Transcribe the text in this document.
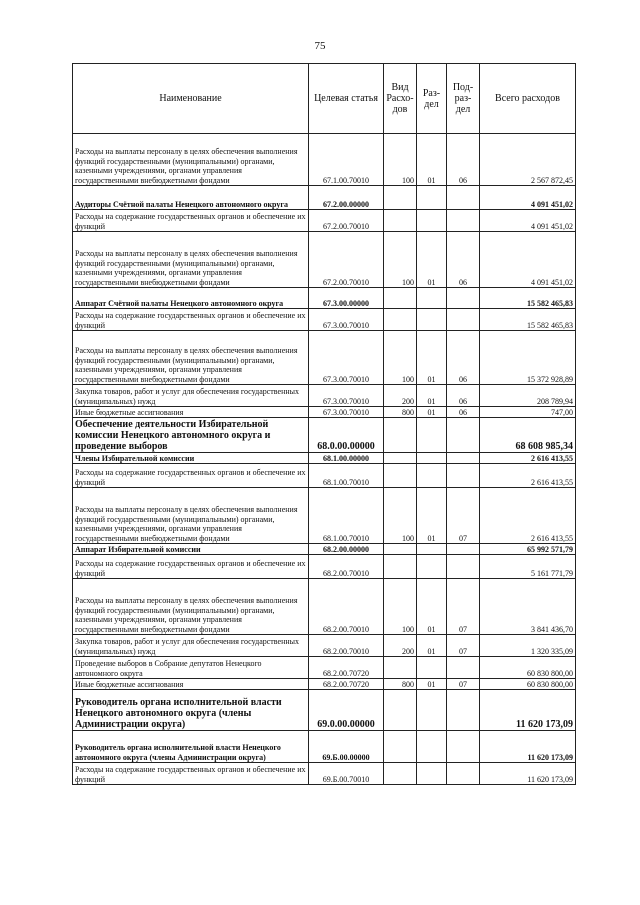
75
Наименование	Целевая статья	Вид Расхо-дов	Раз-дел	Под-раз-дел	Всего расходов
Расходы на выплаты персоналу в целях обеспечения выполнения функций государственными (муниципальными) органами, казенными учреждениями, органами управления государственными внебюджетными фондами	67.1.00.70010	100	01	06	2 567 872,45
Аудиторы Счётной палаты Ненецкого автономного округа	67.2.00.00000				4 091 451,02
Расходы на содержание государственных органов и обеспечение их функций	67.2.00.70010				4 091 451,02
Расходы на выплаты персоналу в целях обеспечения выполнения функций государственными (муниципальными) органами, казенными учреждениями, органами управления государственными внебюджетными фондами	67.2.00.70010	100	01	06	4 091 451,02
Аппарат Счётной палаты Ненецкого автономного округа	67.3.00.00000				15 582 465,83
Расходы на содержание государственных органов и обеспечение их функций	67.3.00.70010				15 582 465,83
Расходы на выплаты персоналу в целях обеспечения выполнения функций государственными (муниципальными) органами, казенными учреждениями, органами управления государственными внебюджетными фондами	67.3.00.70010	100	01	06	15 372 928,89
Закупка товаров, работ и услуг для обеспечения государственных (муниципальных) нужд	67.3.00.70010	200	01	06	208 789,94
Иные бюджетные ассигнования	67.3.00.70010	800	01	06	747,00
Обеспечение деятельности Избирательной комиссии Ненецкого автономного округа и проведение выборов	68.0.00.00000				68 608 985,34
Члены Избирательной комиссии	68.1.00.00000				2 616 413,55
Расходы на содержание государственных органов и обеспечение их функций	68.1.00.70010				2 616 413,55
Расходы на выплаты персоналу в целях обеспечения выполнения функций государственными (муниципальными) органами, казенными учреждениями, органами управления государственными внебюджетными фондами	68.1.00.70010	100	01	07	2 616 413,55
Аппарат Избирательной комиссии	68.2.00.00000				65 992 571,79
Расходы на содержание государственных органов и обеспечение их функций	68.2.00.70010				5 161 771,79
Расходы на выплаты персоналу в целях обеспечения выполнения функций государственными (муниципальными) органами, казенными учреждениями, органами управления государственными внебюджетными фондами	68.2.00.70010	100	01	07	3 841 436,70
Закупка товаров, работ и услуг для обеспечения государственных (муниципальных) нужд	68.2.00.70010	200	01	07	1 320 335,09
Проведение выборов в Собрание депутатов Ненецкого автономного округа	68.2.00.70720				60 830 800,00
Иные бюджетные ассигнования	68.2.00.70720	800	01	07	60 830 800,00
Руководитель органа исполнительной власти Ненецкого автономного округа (члены Администрации округа)	69.0.00.00000				11 620 173,09
Руководитель органа исполнительной власти Ненецкого автономного округа (члены Администрации округа)	69.Б.00.00000				11 620 173,09
Расходы на содержание государственных органов и обеспечение их функций	69.Б.00.70010				11 620 173,09
